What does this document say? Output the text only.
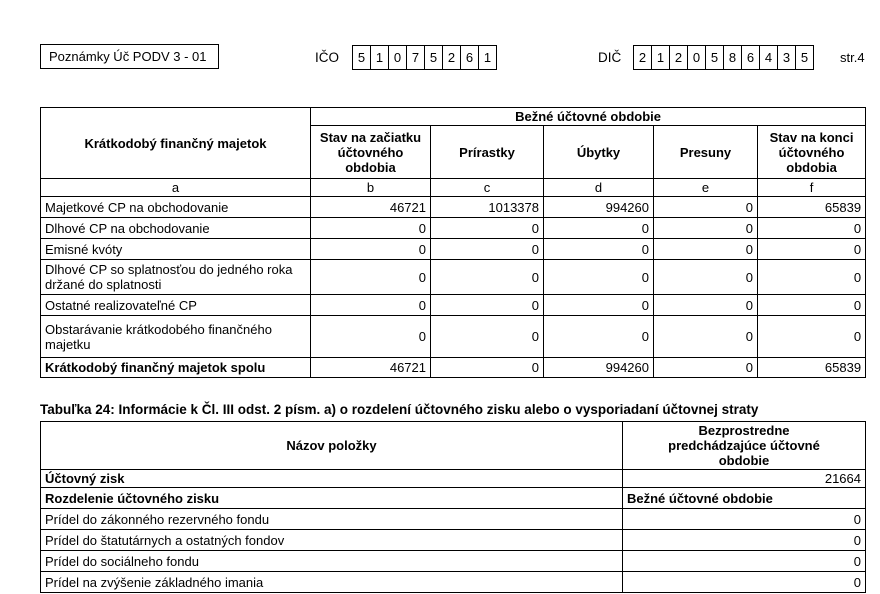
Poznámky Úč PODV 3 - 01	IČO	5 1 0 7 5 2 6 1	DIČ	2 1 2 0 5 8 6 4 3 5	str.4
Krátkodobý finančný majetok	Bežné účtovné obdobie				
	Stav na začiatku účtovného obdobia	Prírastky	Úbytky	Presuny	Stav na konci účtovného obdobia
a	b	c	d	e	f
Majetkové CP na obchodovanie	46721	1013378	994260	0	65839
Dlhové CP na obchodovanie	0	0	0	0	0
Emisné kvóty	0	0	0	0	0
Dlhové CP so splatnosťou do jedného roka držané do splatnosti	0	0	0	0	0
Ostatné realizovateľné CP	0	0	0	0	0
Obstarávanie krátkodobého finančného majetku	0	0	0	0	0
Krátkodobý finančný majetok spolu	46721	0	994260	0	65839
Tabuľka 24: Informácie k Čl. III odst. 2 písm. a) o rozdelení účtovného zisku alebo o vysporiadaní účtovnej straty
Názov položky	Bezprostredne predchádzajúce účtovné obdobie
Účtovný zisk	21664
Rozdelenie účtovného zisku	Bežné účtovné obdobie
Prídel do zákonného rezervného fondu	0
Prídel do štatutárnych a ostatných fondov	0
Prídel do sociálneho fondu	0
Prídel na zvýšenie základného imania	0
